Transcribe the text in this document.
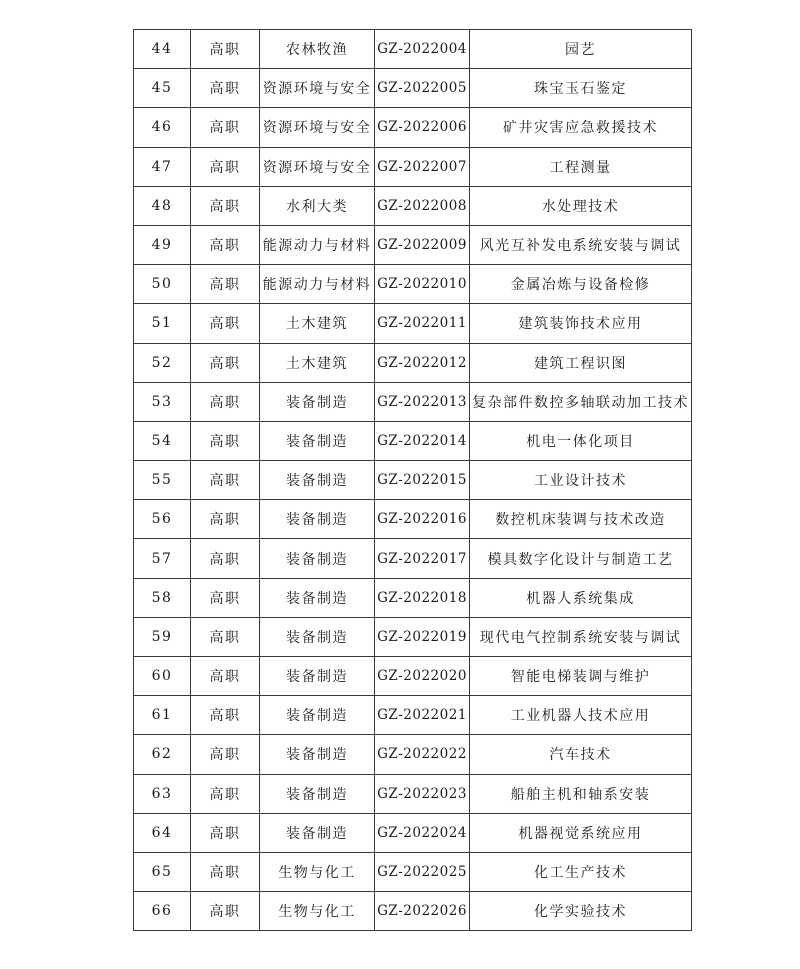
44	高职	农林牧渔	GZ-2022004	园艺
45	高职	资源环境与安全	GZ-2022005	珠宝玉石鉴定
46	高职	资源环境与安全	GZ-2022006	矿井灾害应急救援技术
47	高职	资源环境与安全	GZ-2022007	工程测量
48	高职	水利大类	GZ-2022008	水处理技术
49	高职	能源动力与材料	GZ-2022009	风光互补发电系统安装与调试
50	高职	能源动力与材料	GZ-2022010	金属冶炼与设备检修
51	高职	土木建筑	GZ-2022011	建筑装饰技术应用
52	高职	土木建筑	GZ-2022012	建筑工程识图
53	高职	装备制造	GZ-2022013	复杂部件数控多轴联动加工技术
54	高职	装备制造	GZ-2022014	机电一体化项目
55	高职	装备制造	GZ-2022015	工业设计技术
56	高职	装备制造	GZ-2022016	数控机床装调与技术改造
57	高职	装备制造	GZ-2022017	模具数字化设计与制造工艺
58	高职	装备制造	GZ-2022018	机器人系统集成
59	高职	装备制造	GZ-2022019	现代电气控制系统安装与调试
60	高职	装备制造	GZ-2022020	智能电梯装调与维护
61	高职	装备制造	GZ-2022021	工业机器人技术应用
62	高职	装备制造	GZ-2022022	汽车技术
63	高职	装备制造	GZ-2022023	船舶主机和轴系安装
64	高职	装备制造	GZ-2022024	机器视觉系统应用
65	高职	生物与化工	GZ-2022025	化工生产技术
66	高职	生物与化工	GZ-2022026	化学实验技术
